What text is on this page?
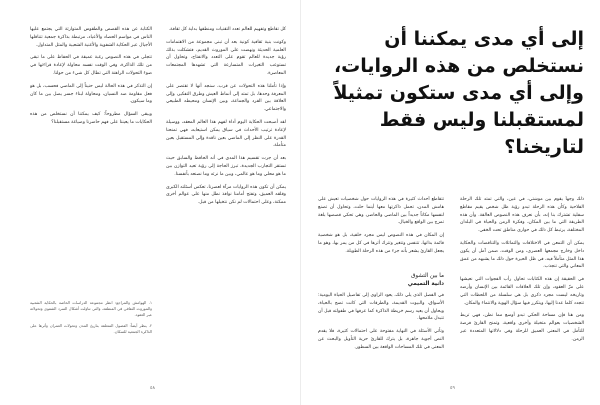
إلى أي مدى يمكننا أن نستخلص من هذه الروايات، وإلى أي مدى ستكون تمثيلاً لمستقبلنا وليس فقط لتاريخنا؟

ذلك وجهاً يقوم بين موشتي، في عين، والتي تمتد تلك الرحلة الفلاحية وكأن هذه الرحلة تبدو رؤية ظل شخص يقيم مقاطع سفلية تشترك بنا إنه، بأن نعرف هذه النصوص العالقة. وأن هذه الطريقة التي ما بين المكان، وفكرة الزمن والحياة في البلدان المختلفة، يرتبط كل ذلك في حواري مناطق تحت الخفي.

يمكن أن التمعن في الاختلافات والتماثلات والتناقضات والحكاية داخل وخارج مجمعها العصري، ومن الوقت، ضمن آمل أن يكون هذا المثل متأملاً فيه، في ظل الحيرة حول ذلك ما يشبهه من عمق المعاني والتي تنجذب.

في الحقيقة إن هذه الكتابات تحاول رأب الفجوات التي نعيشها على مرّ العقود، وإن تلك العلاقات القائمة بين الإنسان وأرضه وتاريخه ليست مجرد ذكرى بل هي سلسلة من اللحظات التي تتجدد كلما عدنا إليها، ويتكرر فيها سؤال الهوية والانتماء والمكان.

ومن هنا فإن مساحة الحكي تبدو أوسع مما نظن، فهي تربط الشخصيات بعوالم متخيلة وأخرى واقعية، وتمنح القارئ فرصة للتأمل في المعنى العميق للرحلة وفي دلالاتها المتعددة عبر الزمن.

تتقاطع أحداث كثيرة في هذه الروايات حول شخصيات تعيش على هامش المدن، تحمل ذاكرتها معها أينما حلت، وتحاول أن تصنع لنفسها مكاناً جديداً بين الماضي والحاضر، وهي تحكي قصصها بلغة تمزج بين الواقع والخيال.

إن المكان في هذه النصوص ليس مجرد خلفية، بل هو شخصية قائمة بذاتها، تتنفس وتتغير وتترك أثرها في كل من يمر بها، وهو ما يجعل القارئ يشعر بأنه جزء من هذه الرحلة الطويلة.

ما بين التشوق
دانية التميمي

في الفصل الذي يلي ذلك، يعود الراوي إلى تفاصيل الحياة اليومية: الأسواق، والبيوت القديمة، والطرقات التي كانت تضج بالحياة، ويحاول أن يعيد رسم خريطة الذاكرة كما عرفها في طفولته قبل أن تتبدل ملامحها.

وتأتي الأسئلة في النهاية مفتوحة على احتمالات كثيرة، فلا يقدم النص أجوبة جاهزة، بل يترك للقارئ حرية التأويل والبحث عن المعنى في تلك المساحات الواقعة بين السطور.

كل تقاطع وتفهيم للعالم تعدد التقنيات ومنطقها بداية كل ثقافة.

وكونت بنية ثقافية كونية بعد أن تبنى مجموعة من الاهتمامات العلمية الحديثة ونهضت على الموروث القديم، فتشكلت بذلك رؤية جديدة للعالم تقوم على التعدد والانفتاح، وتحاول أن تستوعب التغيرات المتسارعة التي تشهدها المجتمعات المعاصرة.

وإذا تأملنا هذه التحولات عن قرب، سنجد أنها لا تقتصر على المعرفة وحدها، بل تمتد إلى أنماط العيش وطرق التفكير، وإلى العلاقة بين الفرد والجماعة، وبين الإنسان ومحيطه الطبيعي والاجتماعي.

لقد أصبحت الحكاية اليوم أداة لفهم هذا العالم المعقد، ووسيلة لإعادة ترتيب الأحداث في سياق يمكن استيعابه، فهي تمنحنا القدرة على النظر إلى الماضي بعين ناقدة وإلى المستقبل بعين متأملة.

بعد أن جرت تقسيم هذا المدى في أنه الحافظ والسابق حيث تستقر التجارب الجديدة، تبرز الحاجة إلى رؤية تعيد التوازن بين ما هو محلي وما هو عالمي، وبين ما نرثه وما نصنعه بأنفسنا.

يمكن أن تكون هذه الروايات مرآة لعصرنا، تعكس أسئلته الكبرى وقلقه العميق، وتفتح أمامنا نوافذ نطل منها على عوالم أخرى ممكنة، وعلى احتمالات لم نكن نتخيلها من قبل.

الكتابة عن هذه القصص والطقوس المتوارثة التي يجتمع عليها الناس في مواسم الحصاد والأعياد، مرتبطة بذاكرة جمعية تتناقلها الأجيال عبر الحكاية الشفوية والأغنية الشعبية والمثل المتداول.

تتجلى في هذه النصوص رغبة عميقة في الحفاظ على ما تبقى من تلك الذاكرة، وفي الوقت نفسه محاولة لإعادة قراءتها في ضوء التحولات الراهنة التي تطال كل شيء من حولنا.

إن التذكر في هذه الحالة ليس حنيناً إلى الماضي فحسب، بل هو فعل مقاومة ضد النسيان، ومحاولة لبناء جسر يصل بين ما كان وما سيكون.

ويبقى السؤال مطروحاً: كيف يمكننا أن نستخلص من هذه الحكايات ما يعيننا على فهم حاضرنا وصياغة مستقبلنا؟

١. الهوامش والمراجع: انظر مجموعة الدراسات الخاصة بالحكاية الشعبية والموروث الثقافي في المنطقة، والتي تناولت أشكال السرد الشفوي وتحولاته عبر العقود.

٢. ينظر أيضاً: الفصول المتعلقة بتاريخ المدن وتحولات العمران وأثرها على الذاكرة الجمعية للسكان.

٥٨	٥٩
